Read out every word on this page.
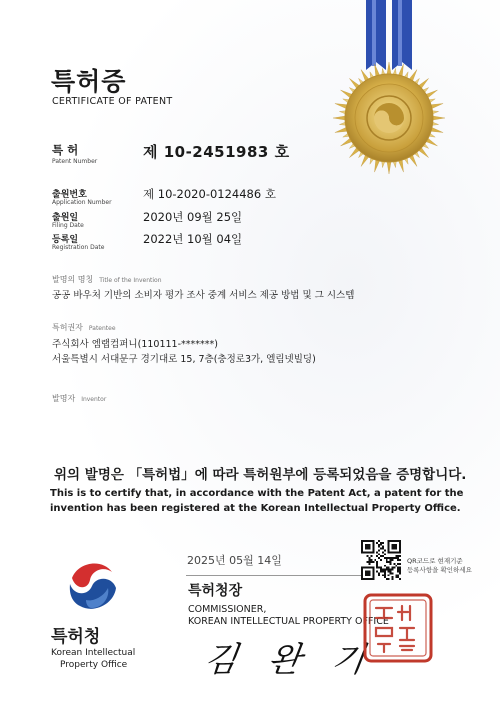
특허증
CERTIFICATE OF PATENT
특 허
Patent Number
제 10-2451983 호
출원번호
Application Number
제 10-2020-0124486 호
출원일
Filing Date
2020년 09월 25일
등록일
Registration Date
2022년 10월 04일
발명의 명칭 Title of the Invention
공공 바우처 기반의 소비자 평가 조사 중계 서비스 제공 방법 및 그 시스템
특허권자 Patentee
주식회사 엠랩컴퍼니(110111-*******)
서울특별시 서대문구 경기대로 15, 7층(충정로3가, 엘림넷빌딩)
발명자 Inventor
위의 발명은 「특허법」에 따라 특허원부에 등록되었음을 증명합니다.
This is to certify that, in accordance with the Patent Act, a patent for the
invention has been registered at the Korean Intellectual Property Office.
특허청
Korean Intellectual
Property Office
2025년 05월 14일
특허청장
COMMISSIONER,
KOREAN INTELLECTUAL PROPERTY OFFICE
김 완 기
QR코드로 현재기준
등록사항을 확인하세요
